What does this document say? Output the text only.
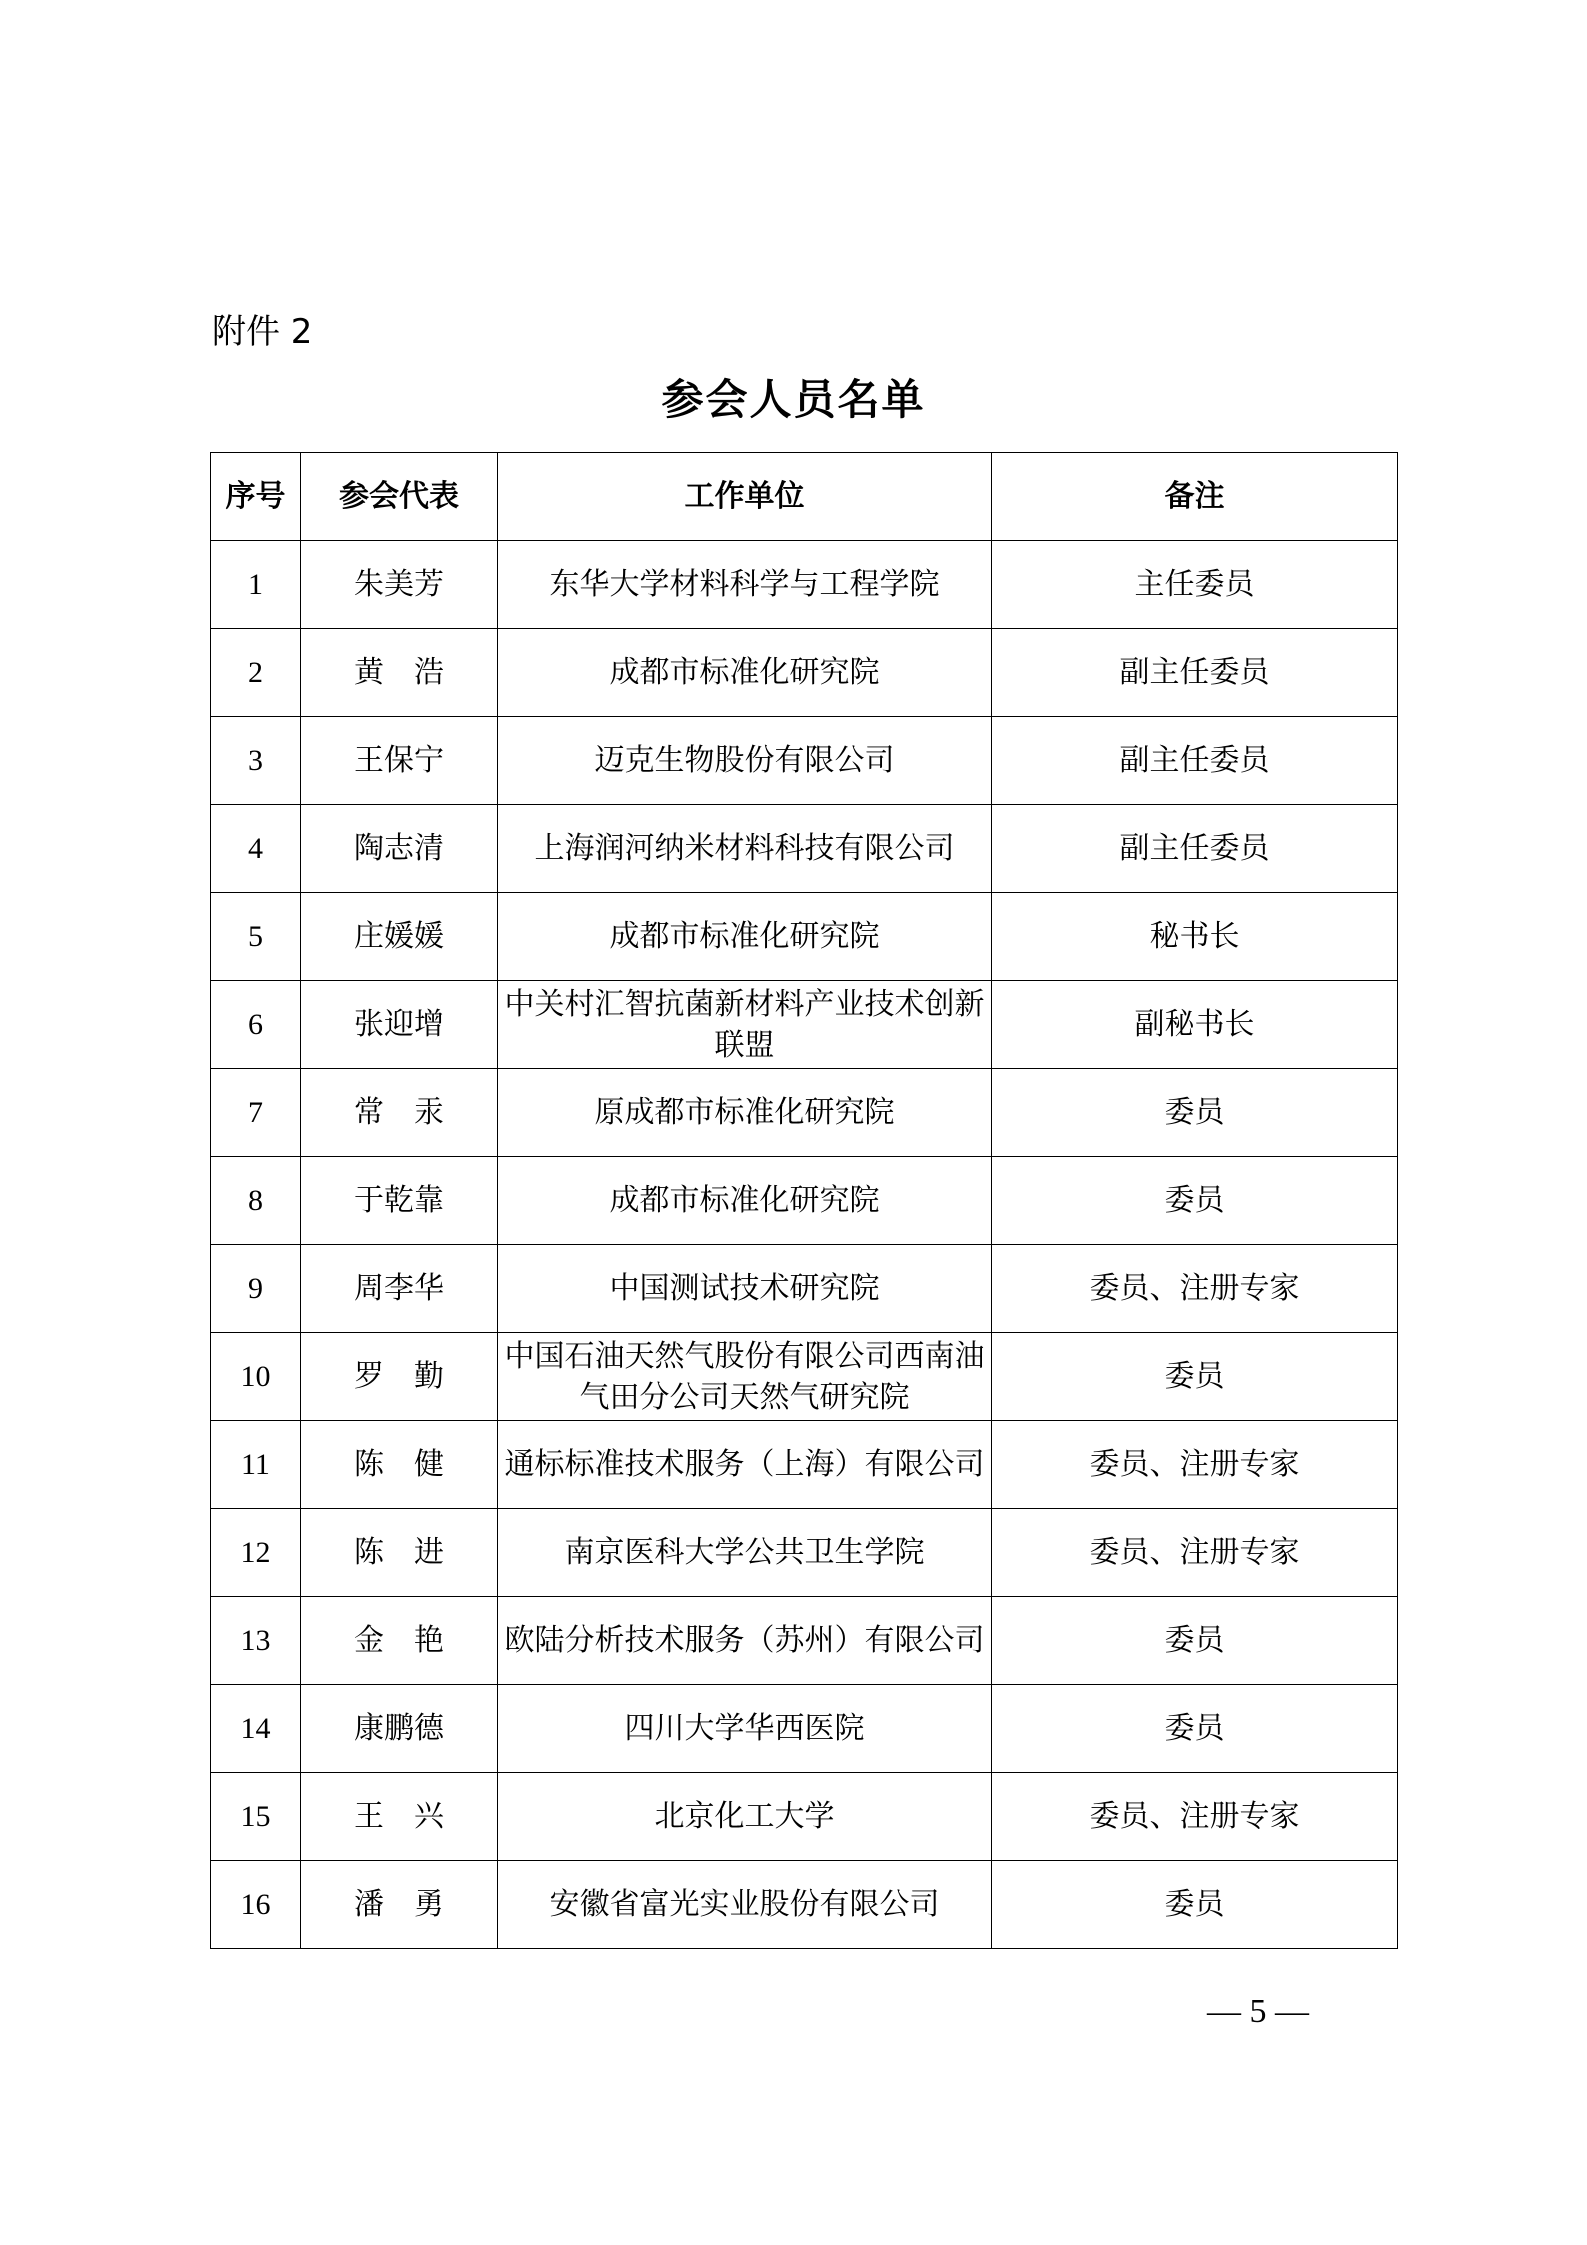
附件 2
参会人员名单
序号	参会代表	工作单位	备注
1	朱美芳	东华大学材料科学与工程学院	主任委员
2	黄　浩	成都市标准化研究院	副主任委员
3	王保宁	迈克生物股份有限公司	副主任委员
4	陶志清	上海润河纳米材料科技有限公司	副主任委员
5	庄媛媛	成都市标准化研究院	秘书长
6	张迎增	中关村汇智抗菌新材料产业技术创新联盟	副秘书长
7	常　汞	原成都市标准化研究院	委员
8	于乾靠	成都市标准化研究院	委员
9	周李华	中国测试技术研究院	委员、注册专家
10	罗　勤	中国石油天然气股份有限公司西南油气田分公司天然气研究院	委员
11	陈　健	通标标准技术服务（上海）有限公司	委员、注册专家
12	陈　进	南京医科大学公共卫生学院	委员、注册专家
13	金　艳	欧陆分析技术服务（苏州）有限公司	委员
14	康鹏德	四川大学华西医院	委员
15	王　兴	北京化工大学	委员、注册专家
16	潘　勇	安徽省富光实业股份有限公司	委员
— 5 —
